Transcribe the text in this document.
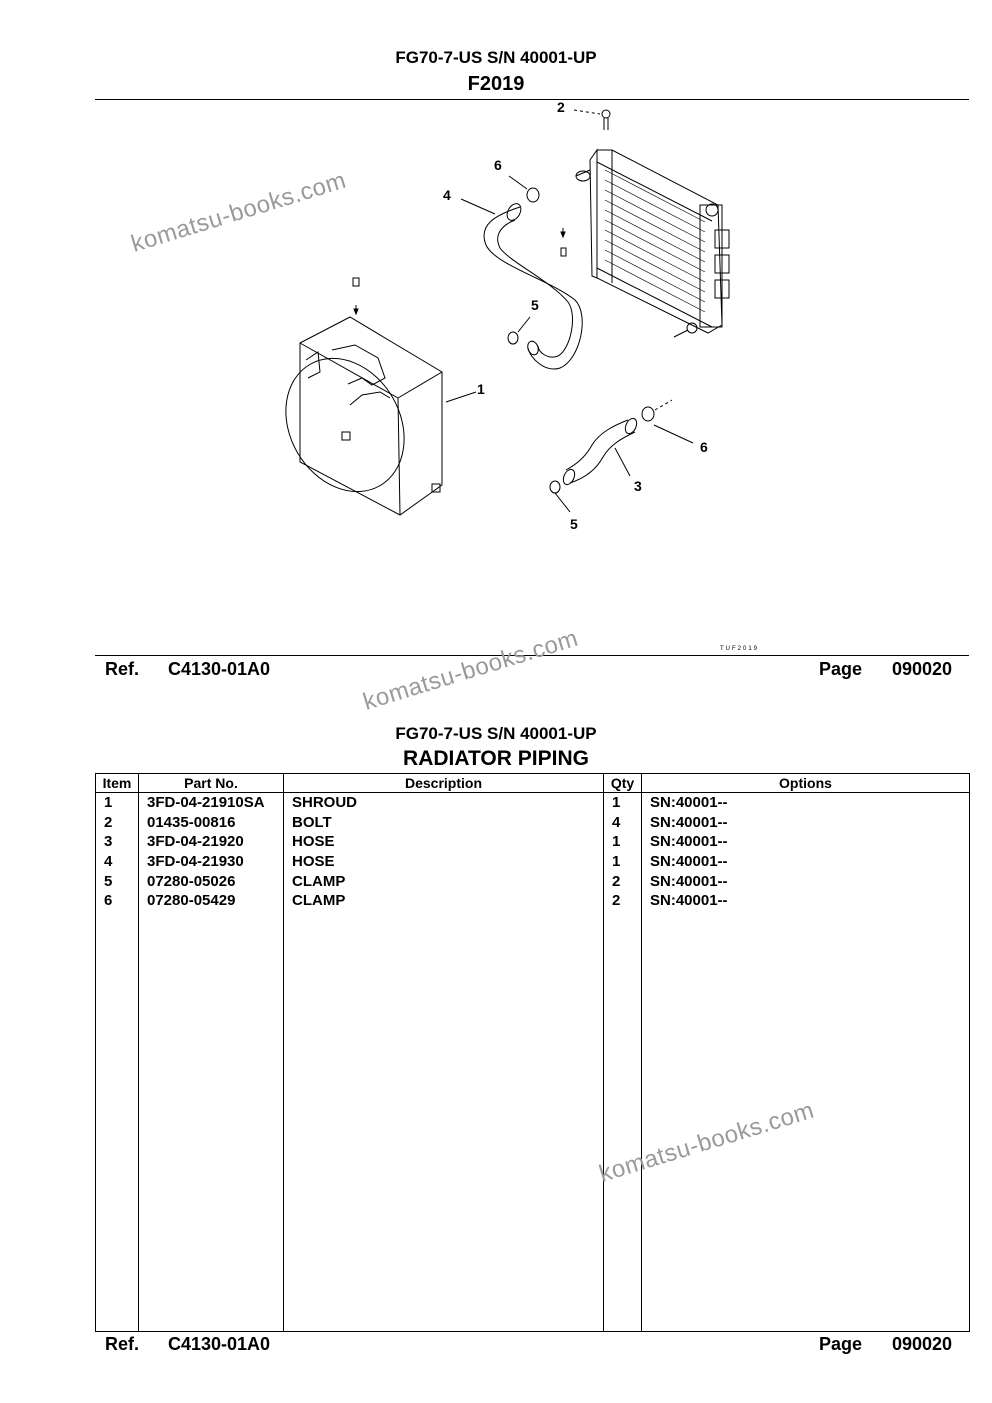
FG70-7-US S/N 40001-UP
F2019
2
6
4
5
1
6
3
5
TUF2019
Ref. C4130-01A0	Page 090020
FG70-7-US S/N 40001-UP
RADIATOR PIPING
Item	Part No.	Description	Qty	Options
1	3FD-04-21910SA	SHROUD	1	SN:40001--
2	01435-00816	BOLT	4	SN:40001--
3	3FD-04-21920	HOSE	1	SN:40001--
4	3FD-04-21930	HOSE	1	SN:40001--
5	07280-05026	CLAMP	2	SN:40001--
6	07280-05429	CLAMP	2	SN:40001--

Ref. C4130-01A0	Page 090020
komatsu-books.com
komatsu-books.com
komatsu-books.com
